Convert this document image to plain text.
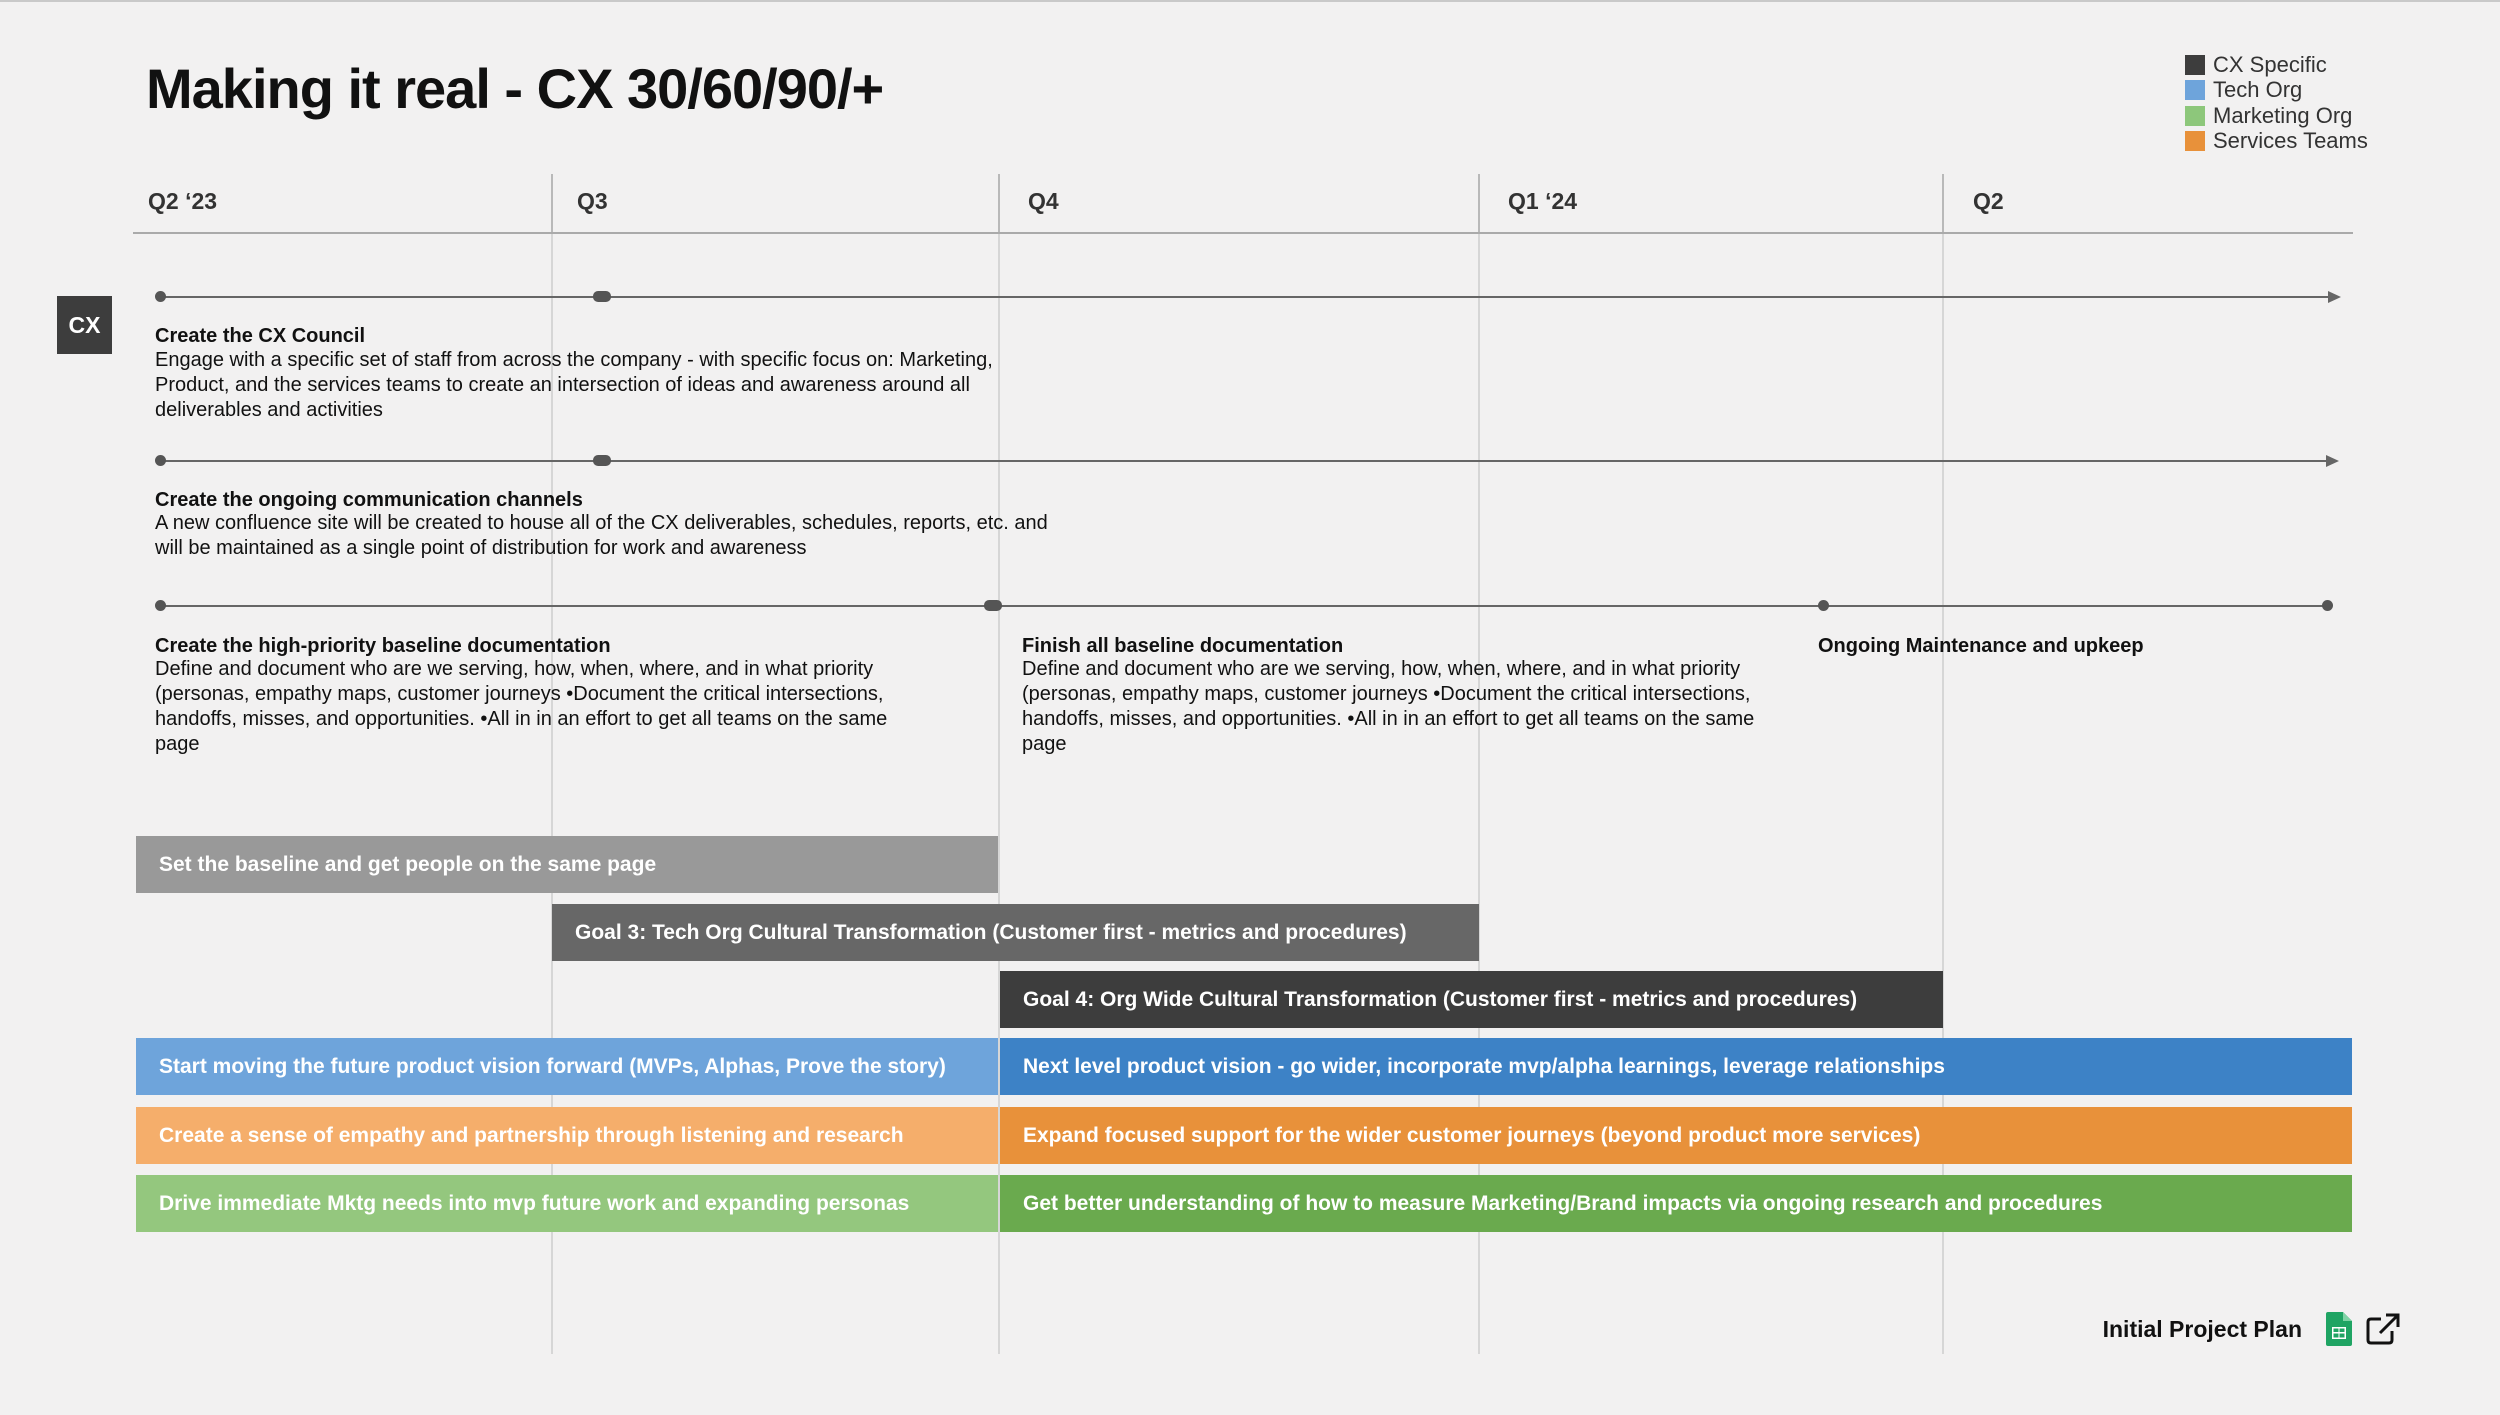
Making it real - CX 30/60/90/+	CX Specific
Tech Org
Marketing Org
Services Teams
Q2 ‘23	Q3	Q4	Q1 ‘24	Q2
CX	Create the CX Council
Engage with a specific set of staff from across the company - with specific focus on: Marketing, Product, and the services teams to create an intersection of ideas and awareness around all deliverables and activities
Create the ongoing communication channels
A new confluence site will be created to house all of the CX deliverables, schedules, reports, etc. and will be maintained as a single point of distribution for work and awareness
Create the high-priority baseline documentation
Define and document who are we serving, how, when, where, and in what priority (personas, empathy maps, customer journeys •Document the critical intersections, handoffs, misses, and opportunities. •All in in an effort to get all teams on the same page
Finish all baseline documentation
Define and document who are we serving, how, when, where, and in what priority (personas, empathy maps, customer journeys •Document the critical intersections, handoffs, misses, and opportunities. •All in in an effort to get all teams on the same page
Ongoing Maintenance and upkeep
Set the baseline and get people on the same page
Goal 3: Tech Org Cultural Transformation (Customer first - metrics and procedures)
Goal 4: Org Wide Cultural Transformation (Customer first - metrics and procedures)
Start moving the future product vision forward (MVPs, Alphas, Prove the story)	Next level product vision - go wider, incorporate mvp/alpha learnings, leverage relationships
Create a sense of empathy and partnership through listening and research	Expand focused support for the wider customer journeys (beyond product more services)
Drive immediate Mktg needs into mvp future work and expanding personas	Get better understanding of how to measure Marketing/Brand impacts via ongoing research and procedures
Initial Project Plan
